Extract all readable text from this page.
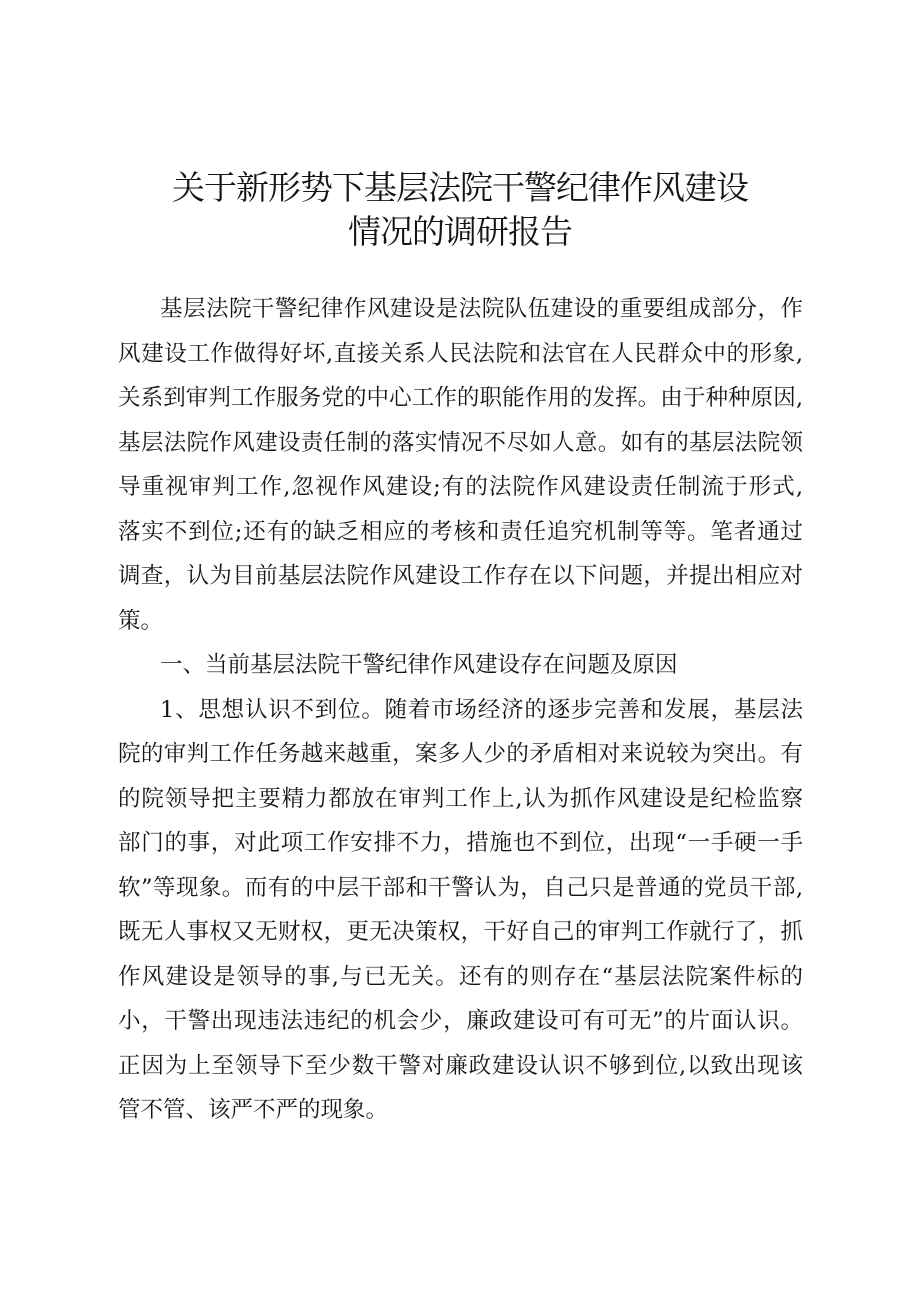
关于新形势下基层法院干警纪律作风建设
情况的调研报告
基层法院干警纪律作风建设是法院队伍建设的重要组成部分，作
风建设工作做得好坏,直接关系人民法院和法官在人民群众中的形象,
关系到审判工作服务党的中心工作的职能作用的发挥。由于种种原因,
基层法院作风建设责任制的落实情况不尽如人意。如有的基层法院领
导重视审判工作,忽视作风建设;有的法院作风建设责任制流于形式,
落实不到位;还有的缺乏相应的考核和责任追究机制等等。笔者通过
调查，认为目前基层法院作风建设工作存在以下问题，并提出相应对
策。
一、当前基层法院干警纪律作风建设存在问题及原因
1、思想认识不到位。随着市场经济的逐步完善和发展，基层法
院的审判工作任务越来越重，案多人少的矛盾相对来说较为突出。有
的院领导把主要精力都放在审判工作上,认为抓作风建设是纪检监察
部门的事，对此项工作安排不力，措施也不到位，出现“一手硬一手
软”等现象。而有的中层干部和干警认为，自己只是普通的党员干部,
既无人事权又无财权，更无决策权，干好自己的审判工作就行了，抓
作风建设是领导的事,与已无关。还有的则存在“基层法院案件标的
小，干警出现违法违纪的机会少，廉政建设可有可无”的片面认识。
正因为上至领导下至少数干警对廉政建设认识不够到位,以致出现该
管不管、该严不严的现象。
